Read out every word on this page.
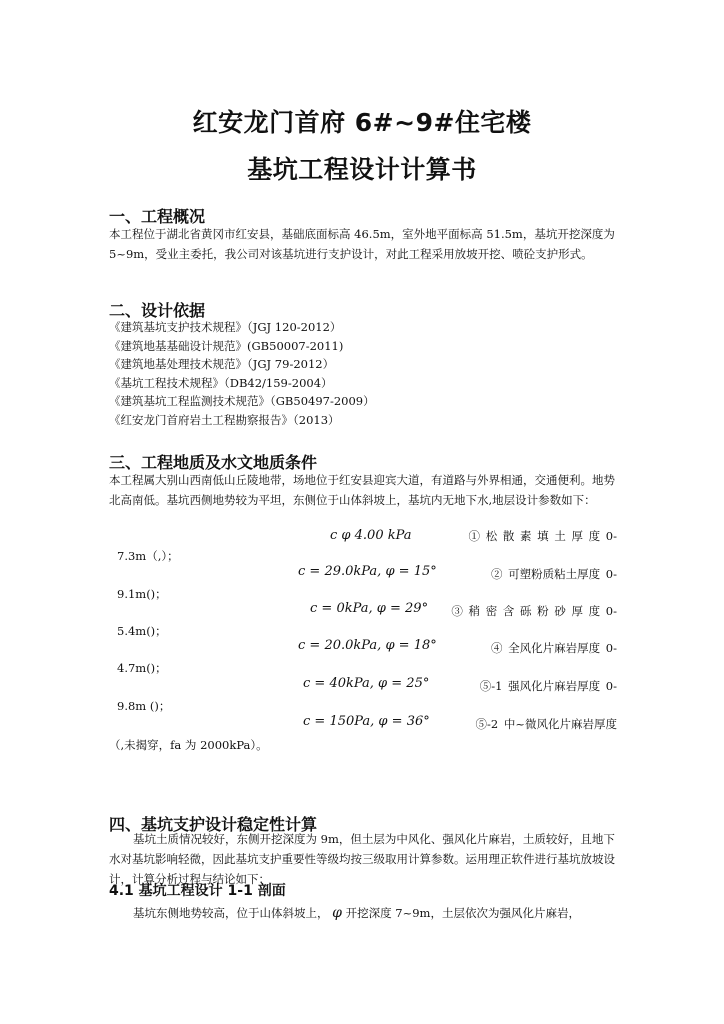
红安龙门首府 6#~9#住宅楼
基坑工程设计计算书
一、工程概况
本工程位于湖北省黄冈市红安县，基础底面标高 46.5m，室外地平面标高 51.5m，基坑开挖深度为 5~9m，受业主委托，我公司对该基坑进行支护设计，对此工程采用放坡开挖、喷砼支护形式。
二、设计依据
《建筑基坑支护技术规程》（JGJ 120-2012）
《建筑地基基础设计规范》(GB50007-2011)
《建筑地基处理技术规范》（JGJ 79-2012）
《基坑工程技术规程》（DB42/159-2004）
《建筑基坑工程监测技术规范》（GB50497-2009）
《红安龙门首府岩土工程勘察报告》（2013）
三、工程地质及水文地质条件
本工程属大别山西南低山丘陵地带，场地位于红安县迎宾大道，有道路与外界相通，交通便利。地势北高南低。基坑西侧地势较为平坦，东侧位于山体斜坡上，基坑内无地下水,地层设计参数如下：
c φ 4.00 kPa	① 松 散 素 填 土 厚 度 0-
7.3m（,）；
c = 29.0kPa, φ = 15°	② 可塑粉质粘土厚度 0-
9.1m()；
c = 0kPa, φ = 29° ③ 稍 密 含 砾 粉 砂 厚 度 0-
5.4m()；
c = 20.0kPa, φ = 18°	④ 全风化片麻岩厚度 0-
4.7m()；
c = 40kPa, φ = 25°	⑤-1 强风化片麻岩厚度 0-
9.8m ()；
c = 150Pa, φ = 36°	⑤-2 中~微风化片麻岩厚度
（,未揭穿，fa 为 2000kPa）。
四、基坑支护设计稳定性计算
基坑土质情况较好，东侧开挖深度为 9m，但土层为中风化、强风化片麻岩，土质较好，且地下水对基坑影响轻微，因此基坑支护重要性等级均按三级取用计算参数。运用理正软件进行基坑放坡设计，计算分析过程与结论如下：
4.1 基坑工程设计 1-1 剖面
基坑东侧地势较高，位于山体斜坡上， φ 开挖深度 7~9m，土层依次为强风化片麻岩，
